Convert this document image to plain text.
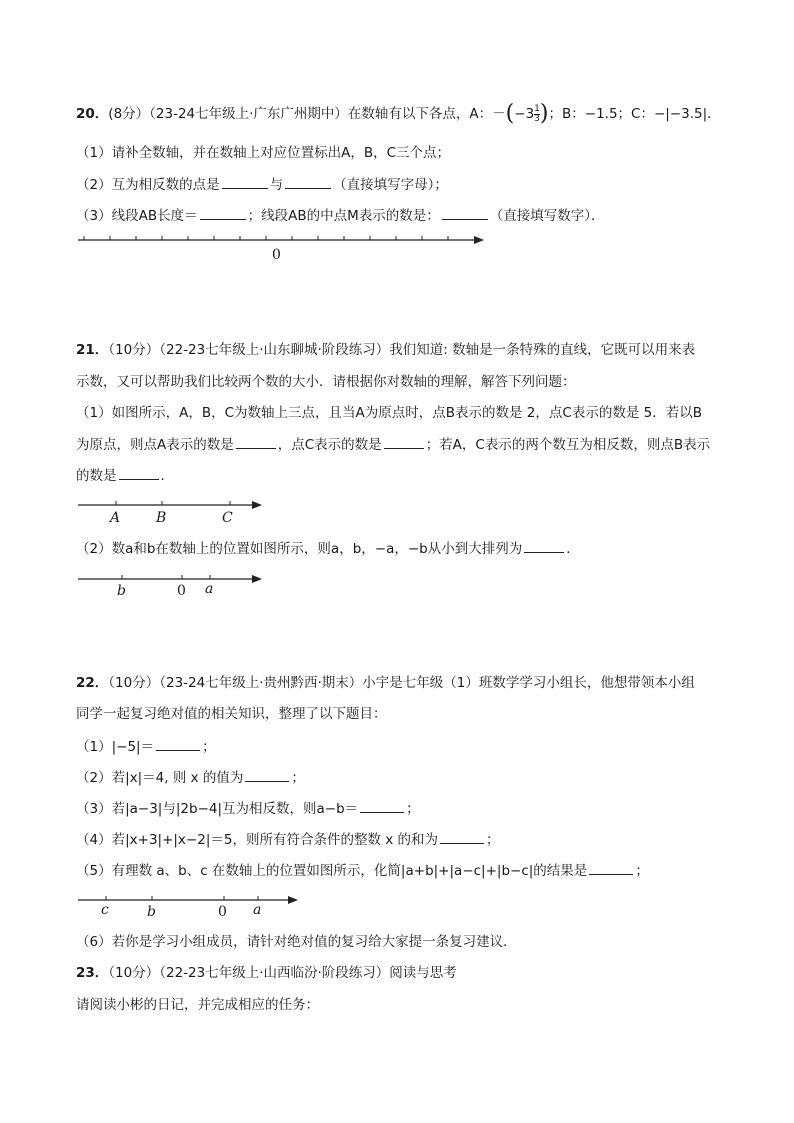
20．(8分）（23-24七年级上·广东广州期中）在数轴有以下各点，A：$-(-3 \frac{1}{3}$ )；B：−1.5；C：−|−3.5|．
（1）请补全数轴，并在数轴上对应位置标出A，B，C三个点；
（2）互为相反数的点是	与	（直接填写字母）；
（3）线段AB长度＝	；线段AB的中点M表示的数是：	（直接填写数字）．
0
21．（10分）（22-23七年级上·山东聊城·阶段练习）我们知道: 数轴是一条特殊的直线，它既可以用来表
示数，又可以帮助我们比较两个数的大小．请根据你对数轴的理解，解答下列问题：
（1）如图所示，A，B，C为数轴上三点，且当A为原点时，点B表示的数是 2，点C表示的数是 5．若以B
为原点，则点A表示的数是	，点C表示的数是	；若A，C表示的两个数互为相反数，则点B表示
的数是	．
A	B	C
（2）数a和b在数轴上的位置如图所示，则a，b，−a，−b从小到大排列为	．
b	0 a
22．（10分）（23-24七年级上·贵州黔西·期末）小宇是七年级（1）班数学学习小组长，他想带领本小组
同学一起复习绝对值的相关知识，整理了以下题目：
（1）|−5|＝	；
（2）若|x|＝4, 则 x 的值为	；
（3）若|a−3|与|2b−4|互为相反数，则a−b＝	；
（4）若|x+3|+|x−2|＝5，则所有符合条件的整数 x 的和为	；
（5）有理数 a、b、c 在数轴上的位置如图所示，化简|a+b|+|a−c|+|b−c|的结果是	；
c	b	0 a
（6）若你是学习小组成员，请针对绝对值的复习给大家提一条复习建议．
23．（10分）（22-23七年级上·山西临汾·阶段练习）阅读与思考
请阅读小彬的日记，并完成相应的任务：
